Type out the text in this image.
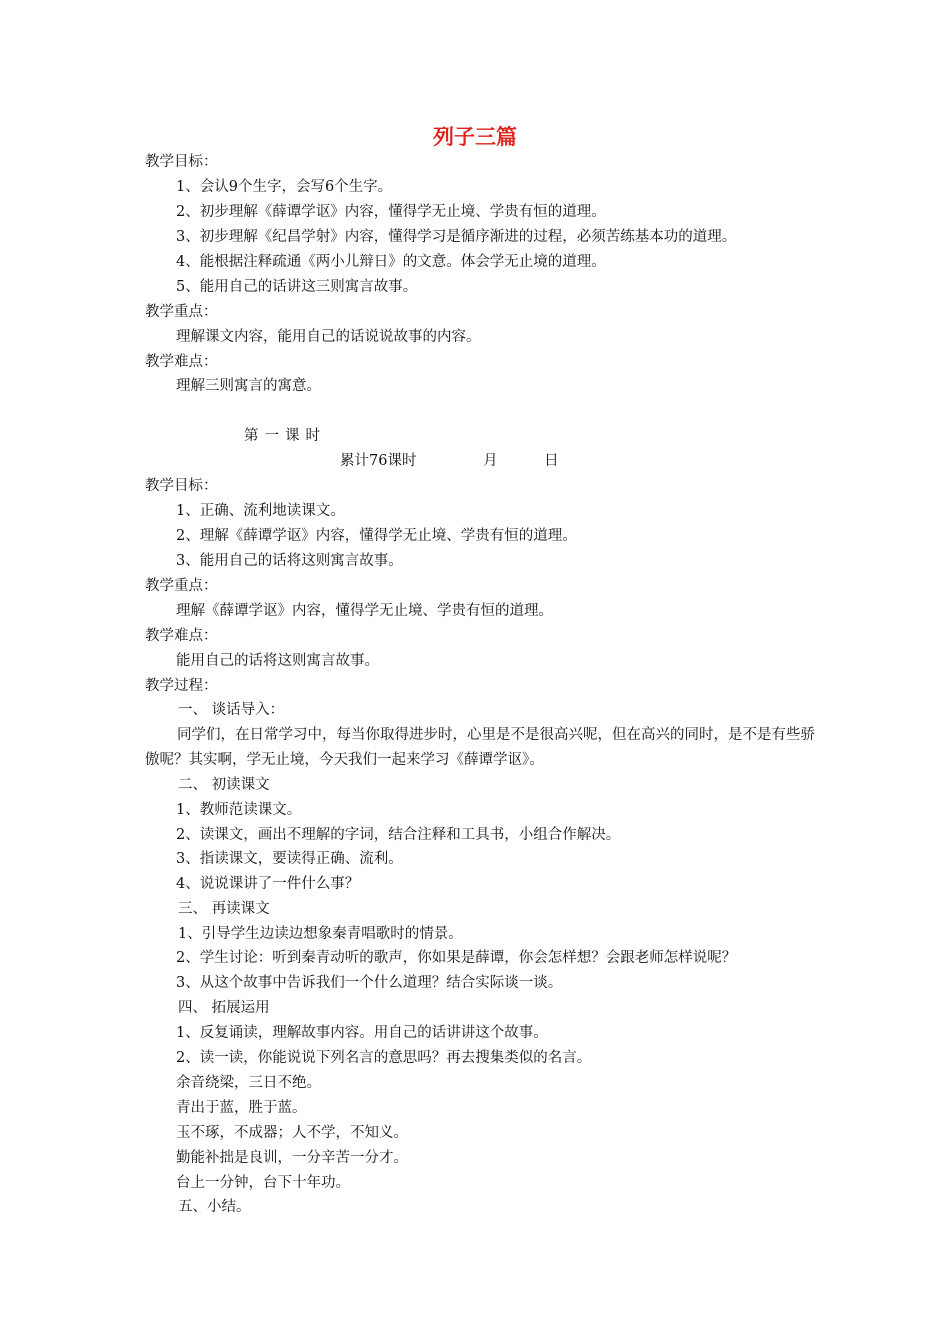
列子三篇
教学目标：
1、会认9个生字，会写6个生字。
2、初步理解《薛谭学讴》内容，懂得学无止境、学贵有恒的道理。
3、初步理解《纪昌学射》内容，懂得学习是循序渐进的过程，必须苦练基本功的道理。
4、能根据注释疏通《两小儿辩日》的文意。体会学无止境的道理。
5、能用自己的话讲这三则寓言故事。
教学重点：
理解课文内容，能用自己的话说说故事的内容。
教学难点：
理解三则寓言的寓意。
第一课时
累计76课时	月	日
教学目标：
1、正确、流利地读课文。
2、理解《薛谭学讴》内容，懂得学无止境、学贵有恒的道理。
3、能用自己的话将这则寓言故事。
教学重点：
理解《薛谭学讴》内容，懂得学无止境、学贵有恒的道理。
教学难点：
能用自己的话将这则寓言故事。
教学过程：
一、 谈话导入：
同学们，在日常学习中，每当你取得进步时，心里是不是很高兴呢，但在高兴的同时，是不是有些骄傲呢？其实啊，学无止境，今天我们一起来学习《薛谭学讴》。
二、 初读课文
1、教师范读课文。
2、读课文，画出不理解的字词，结合注释和工具书，小组合作解决。
3、指读课文，要读得正确、流利。
4、说说课讲了一件什么事？
三、 再读课文
1、引导学生边读边想象秦青唱歌时的情景。
2、学生讨论：听到秦青动听的歌声，你如果是薛谭，你会怎样想？会跟老师怎样说呢？
3、从这个故事中告诉我们一个什么道理？结合实际谈一谈。
四、 拓展运用
1、反复诵读，理解故事内容。用自己的话讲讲这个故事。
2、读一读，你能说说下列名言的意思吗？再去搜集类似的名言。
余音绕梁，三日不绝。
青出于蓝，胜于蓝。
玉不琢，不成器；人不学，不知义。
勤能补拙是良训，一分辛苦一分才。
台上一分钟，台下十年功。
五、小结。
